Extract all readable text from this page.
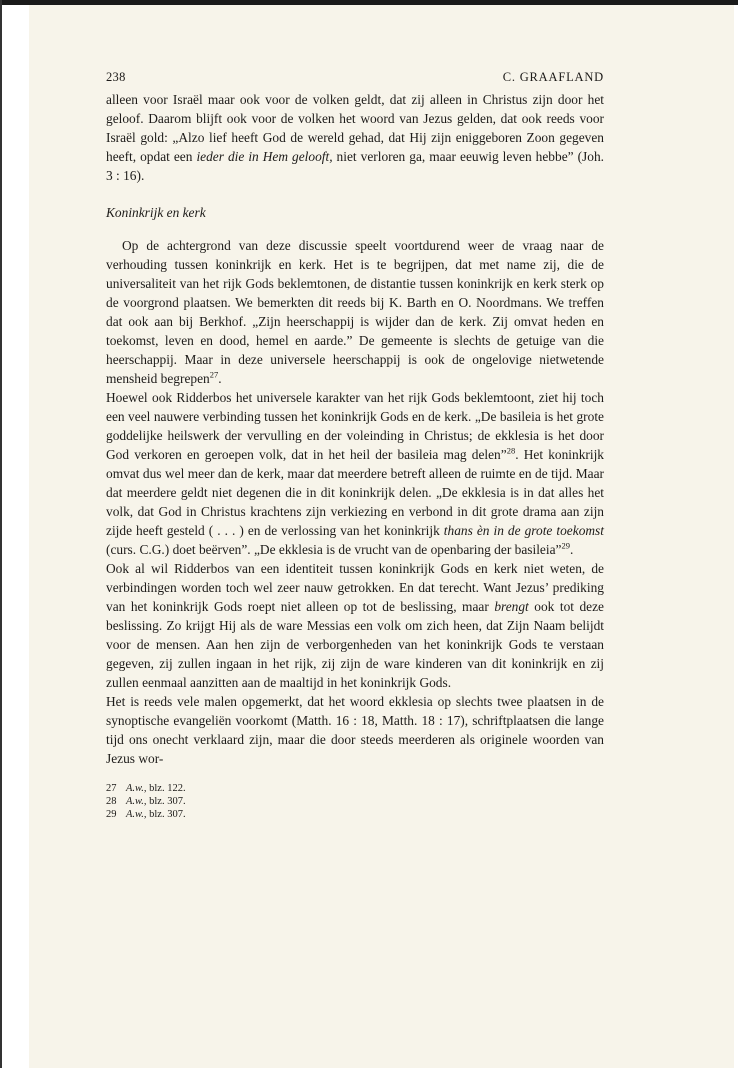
238	C. GRAAFLAND

alleen voor Israël maar ook voor de volken geldt, dat zij alleen in Christus zijn door het geloof. Daarom blijft ook voor de volken het woord van Jezus gelden, dat ook reeds voor Israël gold: „Alzo lief heeft God de wereld gehad, dat Hij zijn eniggeboren Zoon gegeven heeft, opdat een ieder die in Hem gelooft, niet verloren ga, maar eeuwig leven hebbe” (Joh. 3 : 16).

Koninkrijk en kerk

Op de achtergrond van deze discussie speelt voortdurend weer de vraag naar de verhouding tussen koninkrijk en kerk. Het is te begrijpen, dat met name zij, die de universaliteit van het rijk Gods beklemtonen, de distantie tussen koninkrijk en kerk sterk op de voorgrond plaatsen. We bemerkten dit reeds bij K. Barth en O. Noordmans. We treffen dat ook aan bij Berkhof. „Zijn heerschappij is wijder dan de kerk. Zij omvat heden en toekomst, leven en dood, hemel en aarde.” De gemeente is slechts de getuige van die heerschappij. Maar in deze universele heerschappij is ook de ongelovige nietwetende mensheid begrepen$^{27}$.

Hoewel ook Ridderbos het universele karakter van het rijk Gods beklemtoont, ziet hij toch een veel nauwere verbinding tussen het koninkrijk Gods en de kerk. „De basileia is het grote goddelijke heilswerk der vervulling en der voleinding in Christus; de ekklesia is het door God verkoren en geroepen volk, dat in het heil der basileia mag delen”$^{28}$. Het koninkrijk omvat dus wel meer dan de kerk, maar dat meerdere betreft alleen de ruimte en de tijd. Maar dat meerdere geldt niet degenen die in dit koninkrijk delen. „De ekklesia is in dat alles het volk, dat God in Christus krachtens zijn verkiezing en verbond in dit grote drama aan zijn zijde heeft gesteld ( . . . ) en de verlossing van het koninkrijk thans èn in de grote toekomst (curs. C.G.) doet beërven”. „De ekklesia is de vrucht van de openbaring der basileia”$^{29}$.

Ook al wil Ridderbos van een identiteit tussen koninkrijk Gods en kerk niet weten, de verbindingen worden toch wel zeer nauw getrokken. En dat terecht. Want Jezus’ prediking van het koninkrijk Gods roept niet alleen op tot de beslissing, maar brengt ook tot deze beslissing. Zo krijgt Hij als de ware Messias een volk om zich heen, dat Zijn Naam belijdt voor de mensen. Aan hen zijn de verborgenheden van het koninkrijk Gods te verstaan gegeven, zij zullen ingaan in het rijk, zij zijn de ware kinderen van dit koninkrijk en zij zullen eenmaal aanzitten aan de maaltijd in het koninkrijk Gods.

Het is reeds vele malen opgemerkt, dat het woord ekklesia op slechts twee plaatsen in de synoptische evangeliën voorkomt (Matth. 16 : 18, Matth. 18 : 17), schriftplaatsen die lange tijd ons onecht verklaard zijn, maar die door steeds meerderen als originele woorden van Jezus wor-

27 A.w., blz. 122.
28 A.w., blz. 307.
29 A.w., blz. 307.
